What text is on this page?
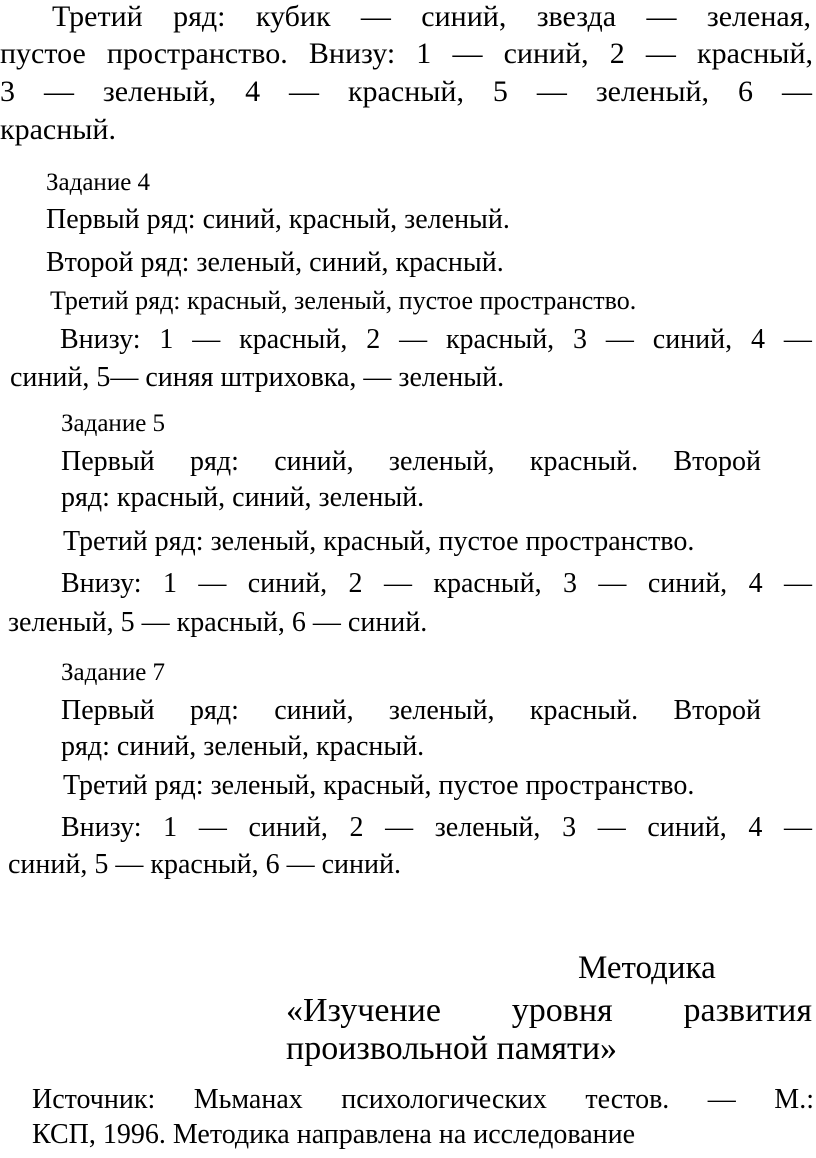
Третий ряд: кубик — синий, звезда — зеленая,
пустое пространство. Внизу: 1 — синий, 2 — красный,
3 — зеленый, 4 — красный, 5 — зеленый, 6 —
красный.
Задание 4
Первый ряд: синий, красный, зеленый.
Второй ряд: зеленый, синий, красный.
Третий ряд: красный, зеленый, пустое пространство.
Внизу: 1 — красный, 2 — красный, 3 — синий, 4 —
синий, 5— синяя штриховка, — зеленый.
Задание 5
Первый ряд: синий, зеленый, красный. Второй
ряд: красный, синий, зеленый.
Третий ряд: зеленый, красный, пустое пространство.
Внизу: 1 — синий, 2 — красный, 3 — синий, 4 —
зеленый, 5 — красный, 6 — синий.
Задание 7
Первый ряд: синий, зеленый, красный. Второй
ряд: синий, зеленый, красный.
Третий ряд: зеленый, красный, пустое пространство.
Внизу: 1 — синий, 2 — зеленый, 3 — синий, 4 —
синий, 5 — красный, 6 — синий.
Методика
«Изучение уровня развития
произвольной памяти»
Источник: Мьманах психологических тестов. — М.:
КСП, 1996. Методика направлена на исследование
